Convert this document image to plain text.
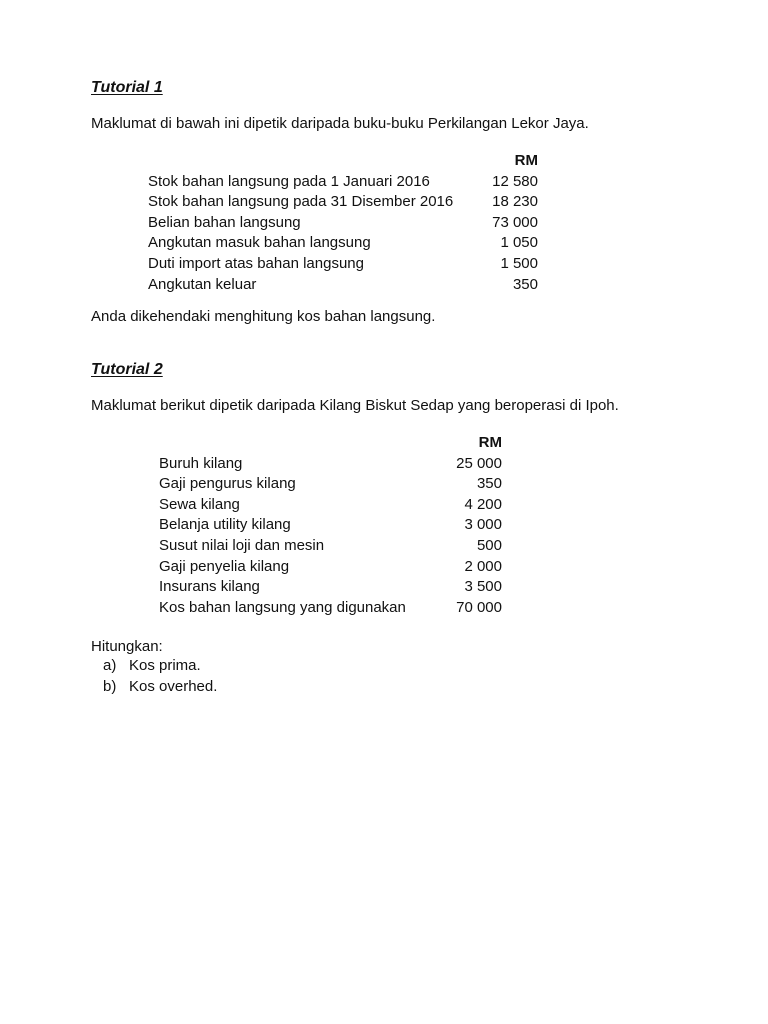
Tutorial 1

Maklumat di bawah ini dipetik daripada buku-buku Perkilangan Lekor Jaya.

RM
Stok bahan langsung pada 1 Januari 2016	12 580
Stok bahan langsung pada 31 Disember 2016	18 230
Belian bahan langsung	73 000
Angkutan masuk bahan langsung	1 050
Duti import atas bahan langsung	1 500
Angkutan keluar	350

Anda dikehendaki menghitung kos bahan langsung.

Tutorial 2

Maklumat berikut dipetik daripada Kilang Biskut Sedap yang beroperasi di Ipoh.

RM
Buruh kilang	25 000
Gaji pengurus kilang	350
Sewa kilang	4 200
Belanja utility kilang	3 000
Susut nilai loji dan mesin	500
Gaji penyelia kilang	2 000
Insurans kilang	3 500
Kos bahan langsung yang digunakan	70 000

Hitungkan:

a) Kos prima.
b) Kos overhed.
